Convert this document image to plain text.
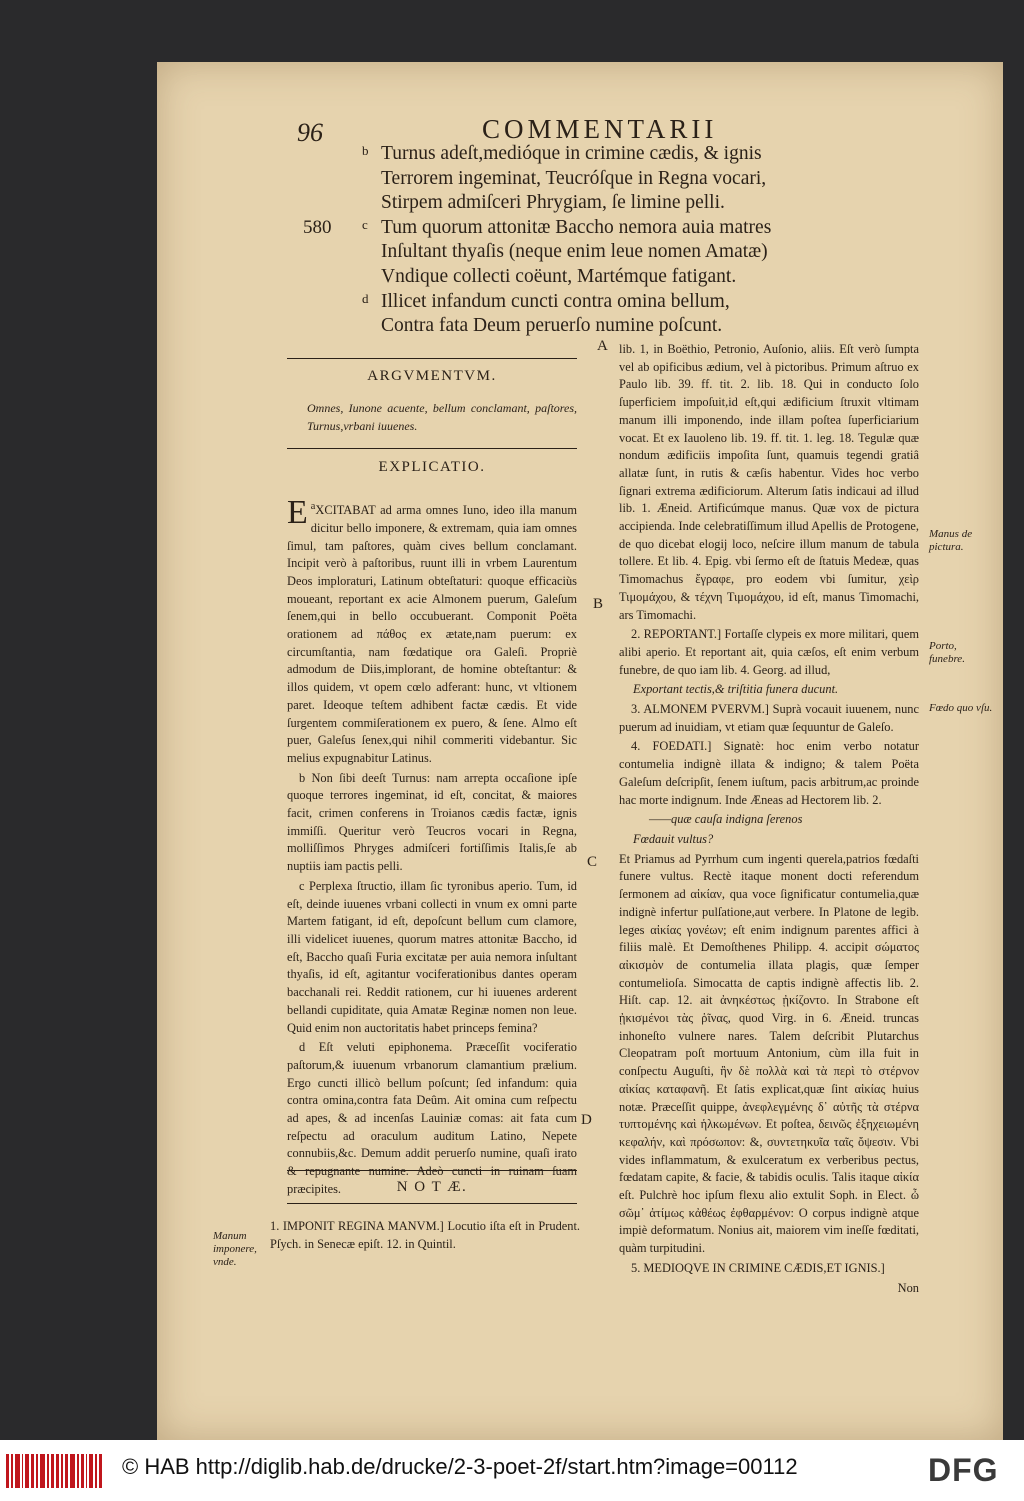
96	COMMENTARII
b Turnus adeſt,medióque in crimine cædis, & ignis
Terrorem ingeminat, Teucróſque in Regna vocari,
Stirpem admiſceri Phrygiam, ſe limine pelli.
580 c Tum quorum attonitæ Baccho nemora auia matres
Inſultant thyaſis (neque enim leue nomen Amatæ)
Vndique collecti coëunt, Martémque fatigant.
d Illicet infandum cuncti contra omina bellum,
Contra fata Deum peruerſo numine poſcunt.
ARGVMENTVM.
Omnes, Iunone acuente, bellum conclamant, paſtores, Turnus,vrbani iuuenes.
EXPLICATIO.

$^a$
E XCITABAT ad arma omnes Iuno, ideo illa manum dicitur bello imponere, & extremam, quia iam omnes ſimul, tam paſtores, quàm cives bellum conclamant. Incipit verò à paſtoribus, ruunt illi in vrbem Laurentum Deos imploraturi, Latinum obteſtaturi: quoque efficaciùs moueant, reportant ex acie Almonem puerum, Galeſum ſenem,qui in bello occubuerant. Componit Poëta orationem ad πάθος ex ætate,nam puerum: ex circumſtantia, nam fœdatique ora Galeſi. Propriè admodum de Diis,implorant, de homine obteſtantur: & illos quidem, vt opem cœlo adferant: hunc, vt vltionem paret. Ideoque teſtem adhibent factæ cædis. Et vide ſurgentem commiſerationem ex puero, & ſene. Almo eſt puer, Galeſus ſenex,qui nihil commeriti videbantur. Sic melius expugnabitur Latinus.

b Non ſibi deeſt Turnus: nam arrepta occaſione ipſe quoque terrores ingeminat, id eſt, concitat, & maiores facit, crimen conferens in Troianos cædis factæ, ignis immiſſi. Queritur verò Teucros vocari in Regna, molliſſimos Phryges admiſceri fortiſſimis Italis,ſe ab nuptiis iam pactis pelli.

c Perplexa ſtructio, illam ſic tyronibus aperio. Tum, id eſt, deinde iuuenes vrbani collecti in vnum ex omni parte Martem fatigant, id eſt, depoſcunt bellum cum clamore, illi videlicet iuuenes, quorum matres attonitæ Baccho, id eſt, Baccho quaſi Furia excitatæ per auia nemora inſultant thyaſis, id eſt, agitantur vociferationibus dantes operam bacchanali rei. Reddit rationem, cur hi iuuenes arderent bellandi cupiditate, quia Amatæ Reginæ nomen non leue. Quid enim non auctoritatis habet princeps femina?

d Eſt veluti epiphonema. Præceſſit vociferatio paſtorum,& iuuenum vrbanorum clamantium prælium. Ergo cuncti illicò bellum poſcunt; ſed infandum: quia contra omina,contra fata Deûm. Ait omina cum reſpectu ad apes, & ad incenſas Lauiniæ comas: ait fata cum reſpectu ad oraculum auditum Latino, Nepete connubiis,&c. Demum addit peruerſo numine, quaſi irato & repugnante numine. Adeò cuncti in ruinam ſuam præcipites.	N O T Æ.
1. IMPONIT REGINA MANVM.] Locutio iſta eſt in Prudent. Pſych. in Senecæ epiſt. 12. in Quintil.
A
B
C
D

lib. 1, in Boëthio, Petronio, Auſonio, aliis. Eſt verò ſumpta vel ab opificibus ædium, vel à pictoribus. Primum aſtruo ex Paulo lib. 39. ff. tit. 2. lib. 18. Qui in conducto ſolo ſuperficiem impoſuit,id eſt,qui ædificium ſtruxit vltimam manum illi imponendo, inde illam poſtea ſuperficiarium vocat. Et ex Iauoleno lib. 19. ff. tit. 1. leg. 18. Tegulæ quæ nondum ædificiis impoſita ſunt, quamuis tegendi gratiâ allatæ ſunt, in rutis & cæſis habentur. Vides hoc verbo ſignari extrema ædificiorum. Alterum ſatis indicaui ad illud lib. 1. Æneid. Artificúmque manus. Quæ vox de pictura accipienda. Inde celebratiſſimum illud Apellis de Protogene, de quo dicebat elogij loco, neſcire illum manum de tabula tollere. Et lib. 4. Epig. vbi ſermo eſt de ſtatuis Medeæ, quas Timomachus ἔγραφε, pro eodem vbi ſumitur, χεὶρ Τιμομάχου, & τέχνη Τιμομάχου, id eſt, manus Timomachi, ars Timomachi.

2. REPORTANT.] Fortaſſe clypeis ex more militari, quem alibi aperio. Et reportant ait, quia cæſos, eſt enim verbum funebre, de quo iam lib. 4. Georg. ad illud,

Exportant tectis,& triſtitia funera ducunt.

3. ALMONEM PVERVM.] Suprà vocauit iuuenem, nunc puerum ad inuidiam, vt etiam quæ ſequuntur de Galeſo.

4. FOEDATI.] Signatè: hoc enim verbo notatur contumelia indignè illata & indigno; & talem Poëta Galeſum deſcripſit, ſenem iuſtum, pacis arbitrum,ac proinde hac morte indignum. Inde Æneas ad Hectorem lib. 2.

——quæ cauſa indigna ſerenos

Fœdauit vultus?

Et Priamus ad Pyrrhum cum ingenti querela,patrios fœdaſti funere vultus. Rectè itaque monent docti referendum ſermonem ad αἰκίαν, qua voce ſignificatur contumelia,quæ indignè infertur pulſatione,aut verbere. In Platone de legib. leges αἰκίας γονέων; eſt enim indignum parentes affici à filiis malè. Et Demoſthenes Philipp. 4. accipit σώματος αἰκισμὸν de contumelia illata plagis, quæ ſemper contumelioſa. Simocatta de captis indignè affectis lib. 2. Hiſt. cap. 12. ait ἀνηκέστως ᾐκίζοντο. In Strabone eſt ᾐκισμένοι τὰς ῥῖνας, quod Virg. in 6. Æneid. truncas inhoneſto vulnere nares. Talem deſcribit Plutarchus Cleopatram poſt mortuum Antonium, cùm illa fuit in conſpectu Auguſti, ἣν δὲ πολλὰ καὶ τὰ περὶ τὸ στέρνον αἰκίας καταφανῆ. Et ſatis explicat,quæ ſint αἰκίας huius notæ. Præceſſit quippe, ἀνεφλεγμένης δ᾽ αὐτῆς τὰ στέρνα τυπτομένης καὶ ἡλκωμένων. Et poſtea, δεινῶς ἐξηχειωμένη κεφαλήν, καὶ πρόσωπον: &, συντετηκυῖα ταῖς ὄψεσιν. Vbi vides inflammatum, & exulceratum ex verberibus pectus, fœdatam capite, & facie, & tabidis oculis. Talis itaque αἰκία eſt. Pulchrè hoc ipſum flexu alio extulit Soph. in Elect. ὦ σῶμ᾽ ἀτίμως κἀθέως ἐφθαρμένον: O corpus indignè atque impiè deformatum. Nonius ait, maiorem vim ineſſe fœditati, quàm turpitudini.

5. MEDIOQVE IN CRIMINE CÆDIS,ET IGNIS.]

Non

Manus de pictura.
Porto, funebre.
Fœdo quo vſu.
Manum imponere, vnde.
© HAB http://diglib.hab.de/drucke/2-3-poet-2f/start.htm?image=00112	DFG
